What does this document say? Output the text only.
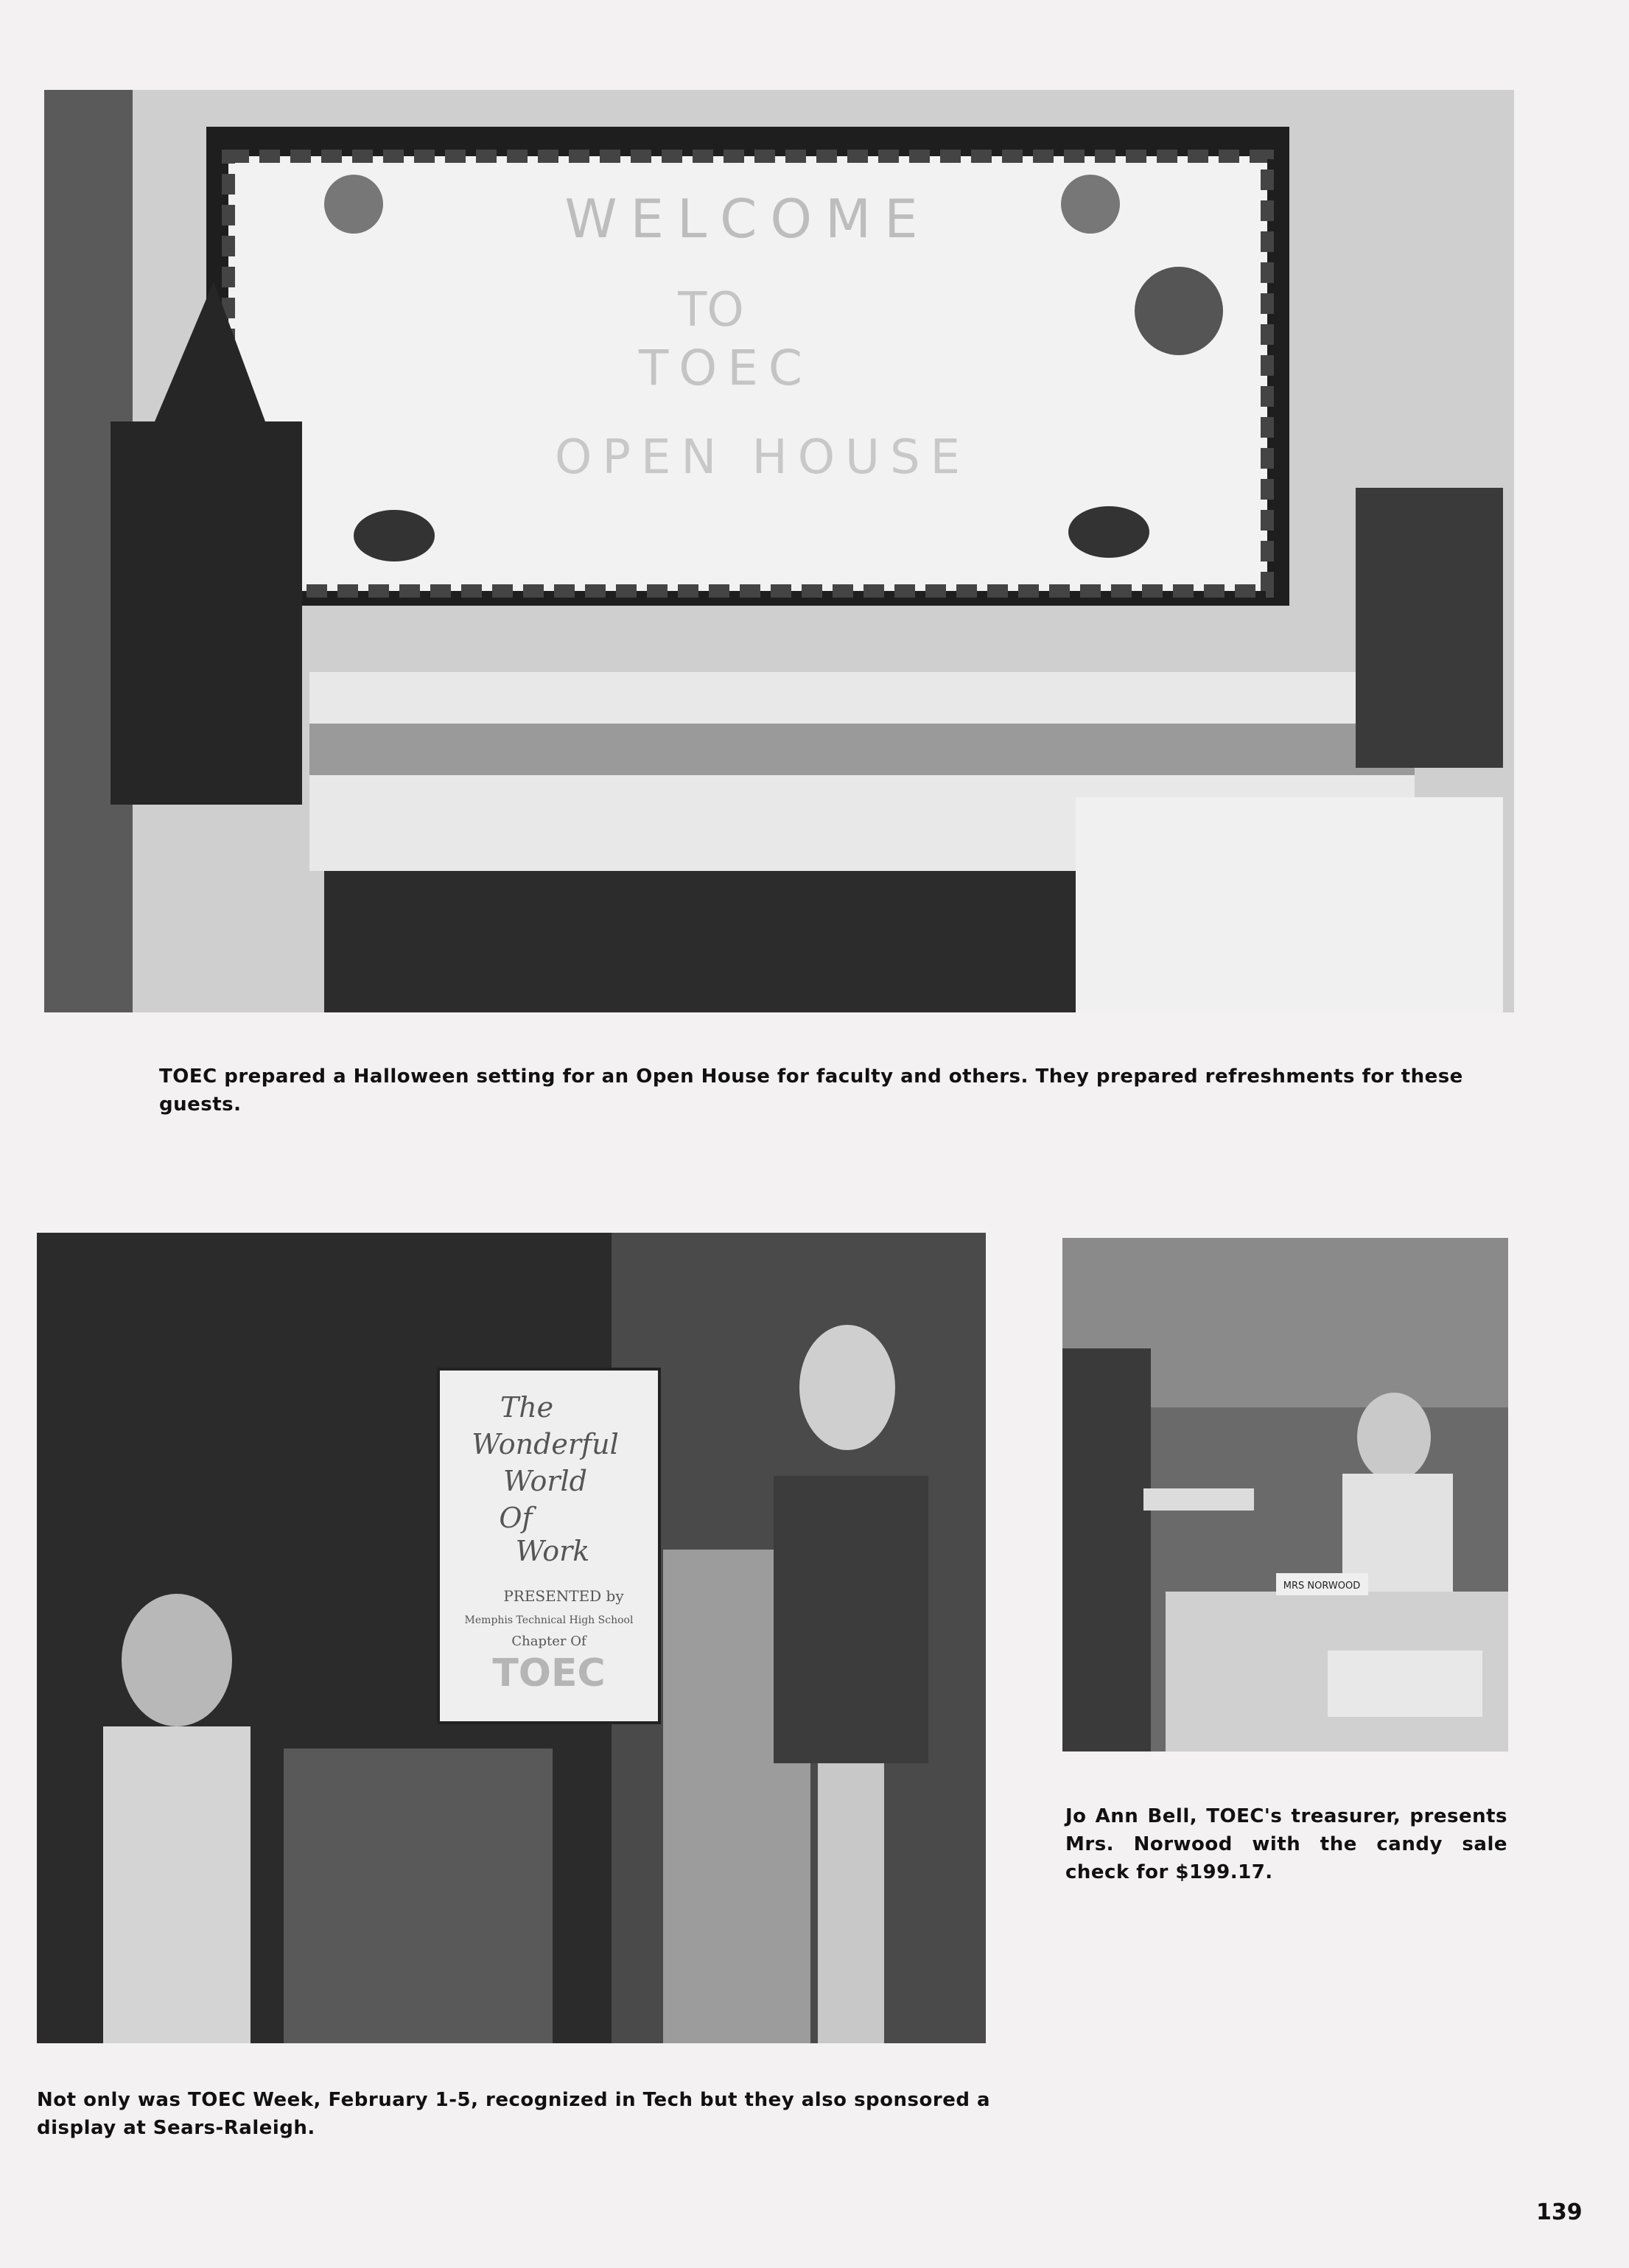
WELCOME
TO
TOEC
OPEN HOUSE

TOEC prepared a Halloween setting for an Open House for faculty and others. They prepared refreshments for these guests.

The
Wonderful
World
Of
Work
PRESENTED by
Memphis Technical High School
Chapter Of
TOEC

Not only was TOEC Week, February 1-5, recognized in Tech but they also sponsored a display at Sears-Raleigh.

MRS NORWOOD

Jo Ann Bell, TOEC's treasurer, presents Mrs. Norwood with the candy sale check for $199.17.

139
